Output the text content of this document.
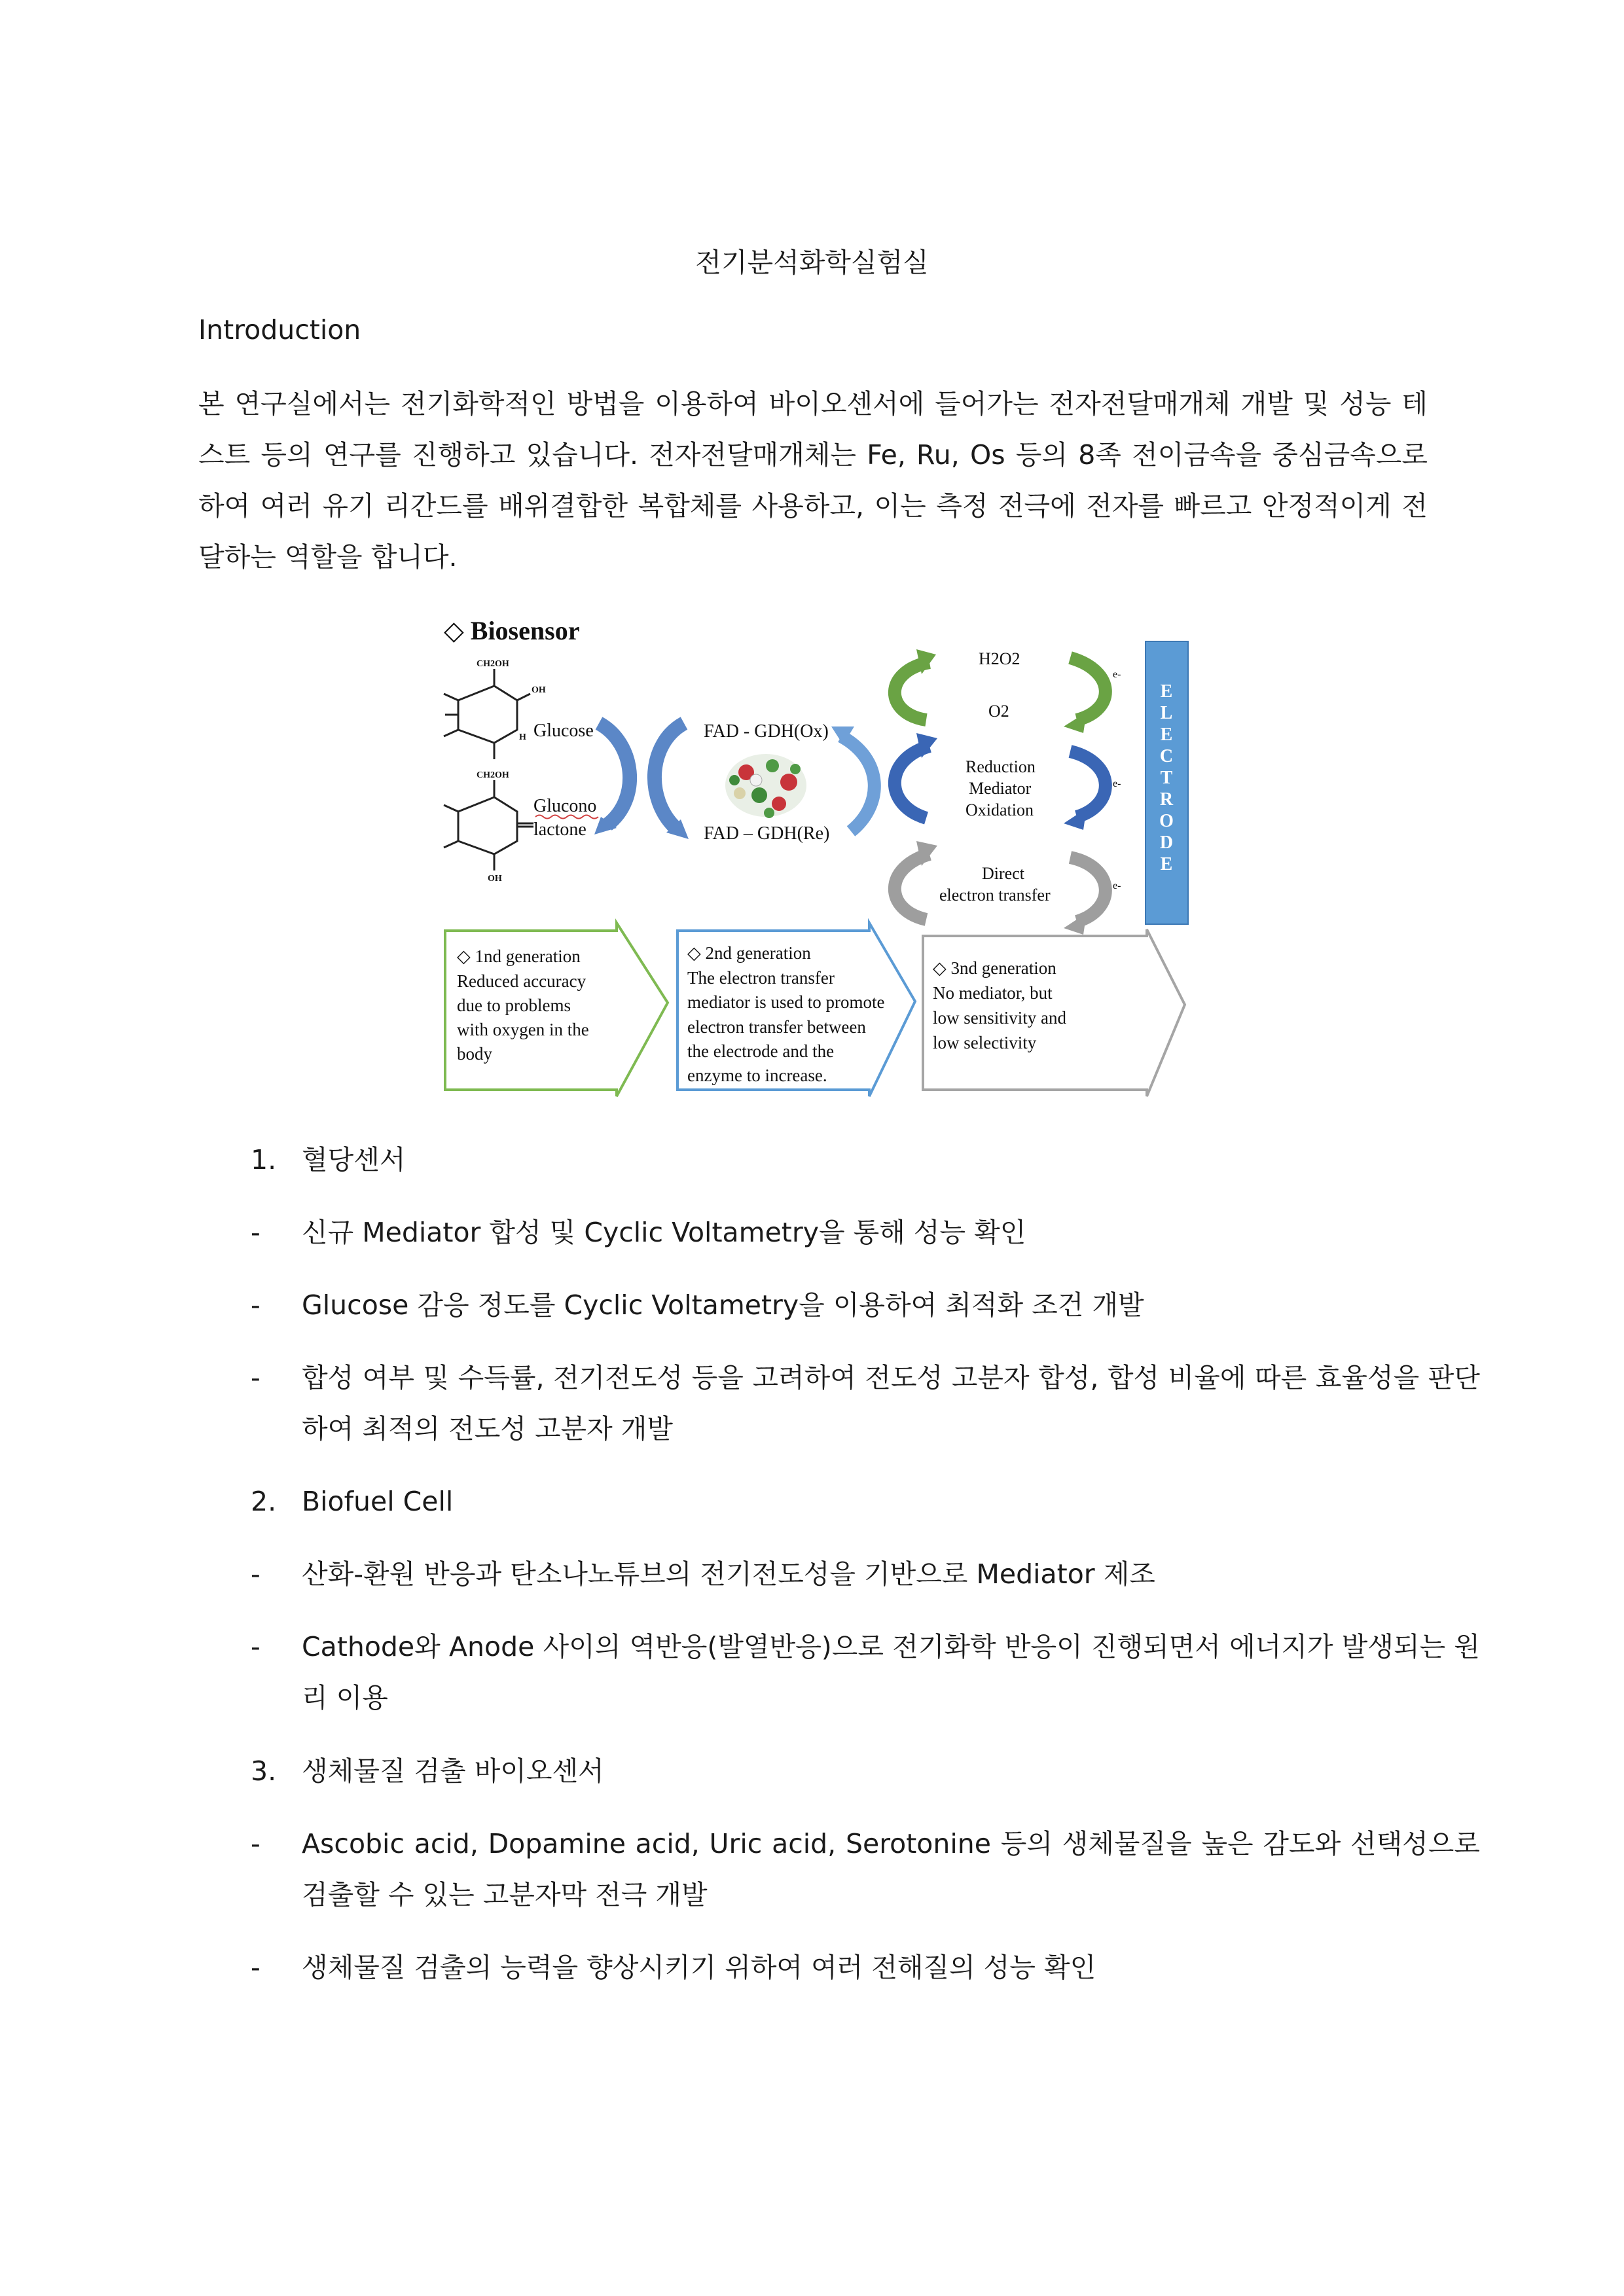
전기분석화학실험실
Introduction
본 연구실에서는 전기화학적인 방법을 이용하여 바이오센서에 들어가는 전자전달매개체 개발 및 성능 테스트 등의 연구를 진행하고 있습니다. 전자전달매개체는 Fe, Ru, Os 등의 8족 전이금속을 중심금속으로 하여 여러 유기 리간드를 배위결합한 복합체를 사용하고, 이는 측정 전극에 전자를 빠르고 안정적이게 전달하는 역할을 합니다.
◇ Biosensor
CH2OH
OH
H Glucose
CH2OH
OH
Glucono
lactone
FAD - GDH(Ox)
FAD – GDH(Re)
H2O2
O2
e-
Reduction
Mediator
Oxidation
e-
Direct
electron transfer	e-
E
L
E
C
T
R
O
D
E
◇ 1nd generation
Reduced accuracy
due to problems
with oxygen in the
body
◇ 2nd generation
The electron transfer
mediator is used to promote
electron transfer between
the electrode and the
enzyme to increase.
◇ 3nd generation
No mediator, but
low sensitivity and
low selectivity
1. 혈당센서
- 신규 Mediator 합성 및 Cyclic Voltametry을 통해 성능 확인
- Glucose 감응 정도를 Cyclic Voltametry을 이용하여 최적화 조건 개발
- 합성 여부 및 수득률, 전기전도성 등을 고려하여 전도성 고분자 합성, 합성 비율에 따른 효율성을 판단하여 최적의 전도성 고분자 개발
2. Biofuel Cell
- 산화-환원 반응과 탄소나노튜브의 전기전도성을 기반으로 Mediator 제조
- Cathode와 Anode 사이의 역반응(발열반응)으로 전기화학 반응이 진행되면서 에너지가 발생되는 원리 이용
3. 생체물질 검출 바이오센서
- Ascobic acid, Dopamine acid, Uric acid, Serotonine 등의 생체물질을 높은 감도와 선택성으로 검출할 수 있는 고분자막 전극 개발
- 생체물질 검출의 능력을 향상시키기 위하여 여러 전해질의 성능 확인
